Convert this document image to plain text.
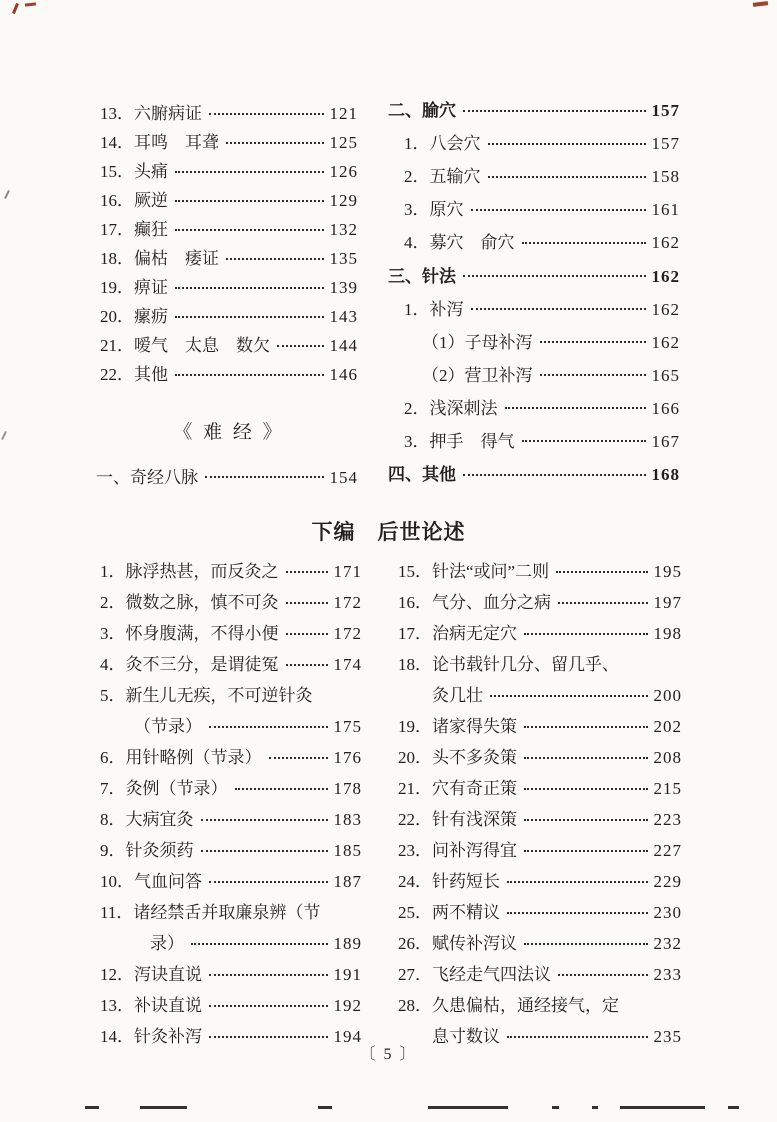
13．六腑病证	121
14．耳鸣　耳聋	125
15．头痛	126
16．厥逆	129
17．癫狂	132
18．偏枯　痿证	135
19．痹证	139
20．瘰疬	143
21．嗳气　太息　数欠	144
22．其他	146
《 难 经 》
一、奇经八脉	154
二、腧穴	157
1．八会穴	157
2．五输穴	158
3．原穴	161
4．募穴　俞穴	162
三、针法	162
1．补泻	162
（1）子母补泻	162
（2）营卫补泻	165
2．浅深刺法	166
3．押手　得气	167
四、其他	168
下编　后世论述
1．脉浮热甚，而反灸之	171
2．微数之脉，慎不可灸	172
3．怀身腹满，不得小便	172
4．灸不三分，是谓徒冤	174
5．新生儿无疾，不可逆针灸
（节录）	175
6．用针略例（节录）	176
7．灸例（节录）	178
8．大病宜灸	183
9．针灸须药	185
10．气血问答	187
11．诸经禁舌并取廉泉辨（节
录）	189
12．泻诀直说	191
13．补诀直说	192
14．针灸补泻	194
15．针法“或问”二则	195
16．气分、血分之病	197
17．治病无定穴	198
18．论书载针几分、留几乎、
灸几壮	200
19．诸家得失策	202
20．头不多灸策	208
21．穴有奇正策	215
22．针有浅深策	223
23．问补泻得宜	227
24．针药短长	229
25．两不精议	230
26．赋传补泻议	232
27．飞经走气四法议	233
28．久患偏枯，通经接气，定
息寸数议	235
〔 5 〕
